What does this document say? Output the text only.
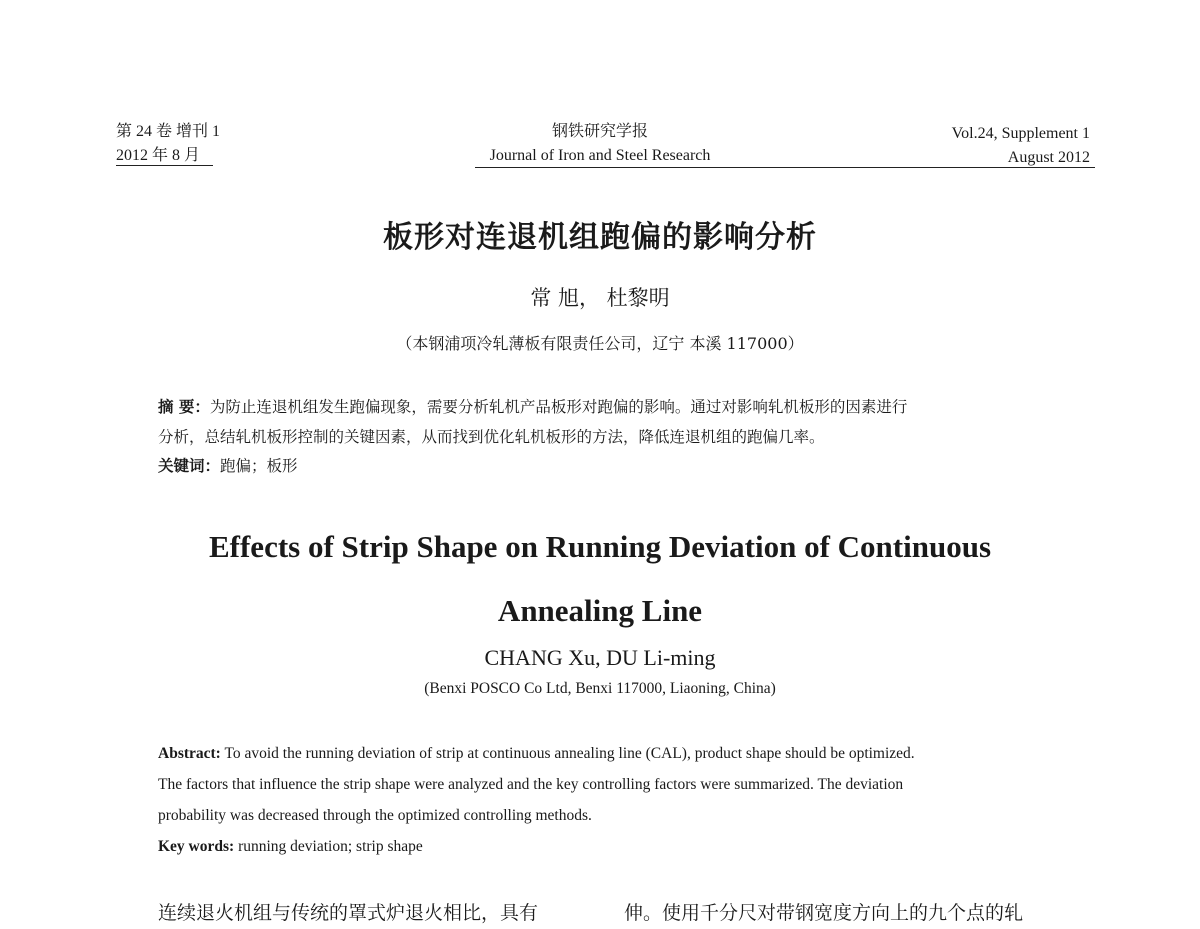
第 24 卷 增刊 1
2012 年 8 月
钢铁研究学报
Journal of Iron and Steel Research
Vol.24, Supplement 1
August 2012
板形对连退机组跑偏的影响分析
常 旭， 杜黎明
（本钢浦项冷轧薄板有限责任公司，辽宁 本溪 117000）
摘 要：为防止连退机组发生跑偏现象，需要分析轧机产品板形对跑偏的影响。通过对影响轧机板形的因素进行
分析，总结轧机板形控制的关键因素，从而找到优化轧机板形的方法，降低连退机组的跑偏几率。
关键词：跑偏；板形
Effects of Strip Shape on Running Deviation of Continuous
Annealing Line
CHANG Xu, DU Li-ming
(Benxi POSCO Co Ltd, Benxi 117000, Liaoning, China)
Abstract: To avoid the running deviation of strip at continuous annealing line (CAL), product shape should be optimized.
The factors that influence the strip shape were analyzed and the key controlling factors were summarized. The deviation
probability was decreased through the optimized controlling methods.
Key words: running deviation; strip shape
连续退火机组与传统的罩式炉退火相比，具有	伸。使用千分尺对带钢宽度方向上的九个点的轧
